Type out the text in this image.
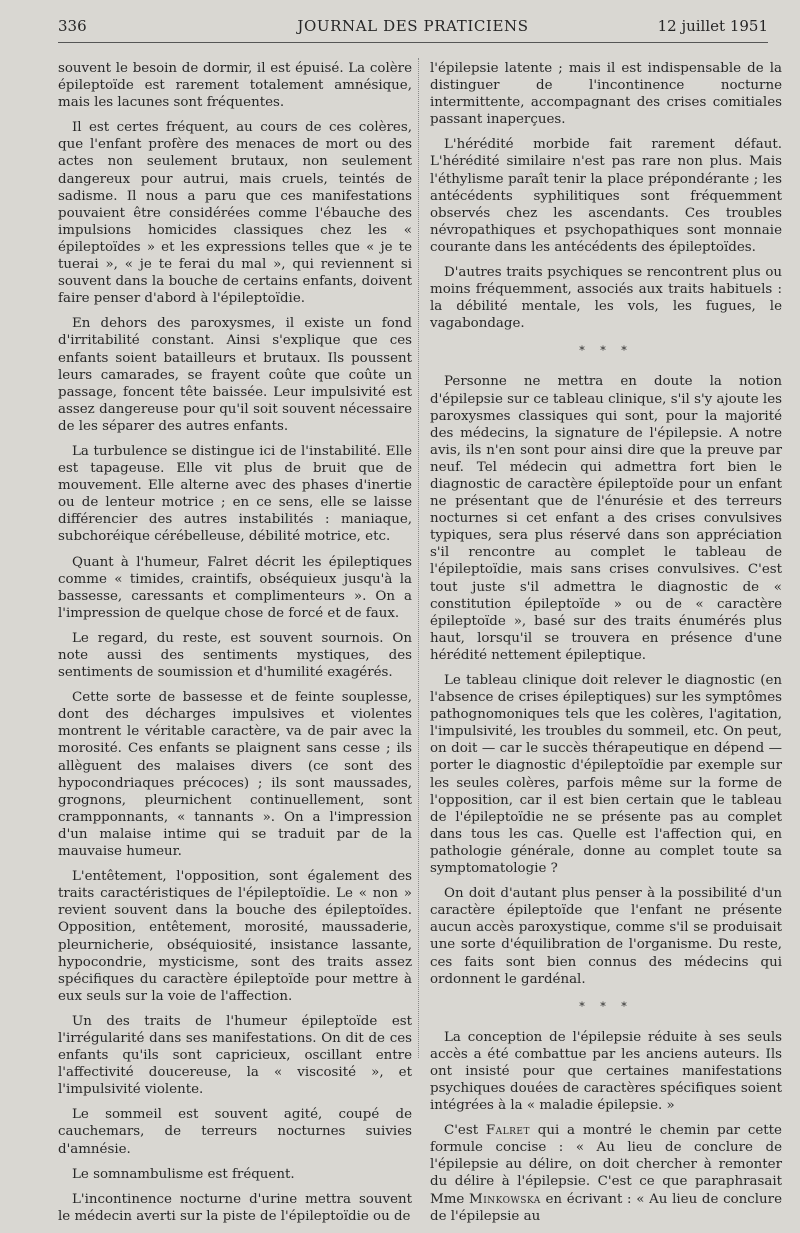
336	JOURNAL DES PRATICIENS	12 juillet 1951

souvent le besoin de dormir, il est épuisé. La colère épileptoïde est rarement totalement amnésique, mais les lacunes sont fréquentes.

Il est certes fréquent, au cours de ces colères, que l'enfant profère des menaces de mort ou des actes non seulement brutaux, non seulement dangereux pour autrui, mais cruels, teintés de sadisme. Il nous a paru que ces manifestations pouvaient être considérées comme l'ébauche des impulsions homicides classiques chez les « épileptoïdes » et les expressions telles que « je te tuerai », « je te ferai du mal », qui reviennent si souvent dans la bouche de certains enfants, doivent faire penser d'abord à l'épileptoïdie.

En dehors des paroxysmes, il existe un fond d'irritabilité constant. Ainsi s'explique que ces enfants soient batailleurs et brutaux. Ils poussent leurs camarades, se frayent coûte que coûte un passage, foncent tête baissée. Leur impulsivité est assez dangereuse pour qu'il soit souvent nécessaire de les séparer des autres enfants.

La turbulence se distingue ici de l'instabilité. Elle est tapageuse. Elle vit plus de bruit que de mouvement. Elle alterne avec des phases d'inertie ou de lenteur motrice ; en ce sens, elle se laisse différencier des autres instabilités : maniaque, subchoréique cérébelleuse, débilité motrice, etc.

Quant à l'humeur, Falret décrit les épileptiques comme « timides, craintifs, obséquieux jusqu'à la bassesse, caressants et complimenteurs ». On a l'impression de quelque chose de forcé et de faux.

Le regard, du reste, est souvent sournois. On note aussi des sentiments mystiques, des sentiments de soumission et d'humilité exagérés.

Cette sorte de bassesse et de feinte souplesse, dont des décharges impulsives et violentes montrent le véritable caractère, va de pair avec la morosité. Ces enfants se plaignent sans cesse ; ils allèguent des malaises divers (ce sont des hypocondriaques précoces) ; ils sont maussades, grognons, pleurnichent continuellement, sont crampponnants, « tannants ». On a l'impression d'un malaise intime qui se traduit par de la mauvaise humeur.

L'entêtement, l'opposition, sont également des traits caractéristiques de l'épileptoïdie. Le « non » revient souvent dans la bouche des épileptoïdes. Opposition, entêtement, morosité, maussaderie, pleurnicherie, obséquiosité, insistance lassante, hypocondrie, mysticisme, sont des traits assez spécifiques du caractère épileptoïde pour mettre à eux seuls sur la voie de l'affection.

Un des traits de l'humeur épileptoïde est l'irrégularité dans ses manifestations. On dit de ces enfants qu'ils sont capricieux, oscillant entre l'affectivité doucereuse, la « viscosité », et l'impulsivité violente.

Le sommeil est souvent agité, coupé de cauchemars, de terreurs nocturnes suivies d'amnésie.

Le somnambulisme est fréquent.

L'incontinence nocturne d'urine mettra souvent le médecin averti sur la piste de l'épileptoïdie ou de

l'épilepsie latente ; mais il est indispensable de la distinguer de l'incontinence nocturne intermittente, accompagnant des crises comitiales passant inaperçues.

L'hérédité morbide fait rarement défaut. L'hérédité similaire n'est pas rare non plus. Mais l'éthylisme paraît tenir la place prépondérante ; les antécédents syphilitiques sont fréquemment observés chez les ascendants. Ces troubles névropathiques et psychopathiques sont monnaie courante dans les antécédents des épileptoïdes.

D'autres traits psychiques se rencontrent plus ou moins fréquemment, associés aux traits habituels : la débilité mentale, les vols, les fugues, le vagabondage.

* * *

Personne ne mettra en doute la notion d'épilepsie sur ce tableau clinique, s'il s'y ajoute les paroxysmes classiques qui sont, pour la majorité des médecins, la signature de l'épilepsie. A notre avis, ils n'en sont pour ainsi dire que la preuve par neuf. Tel médecin qui admettra fort bien le diagnostic de caractère épileptoïde pour un enfant ne présentant que de l'énurésie et des terreurs nocturnes si cet enfant a des crises convulsives typiques, sera plus réservé dans son appréciation s'il rencontre au complet le tableau de l'épileptoïdie, mais sans crises convulsives. C'est tout juste s'il admettra le diagnostic de « constitution épileptoïde » ou de « caractère épileptoïde », basé sur des traits énumérés plus haut, lorsqu'il se trouvera en présence d'une hérédité nettement épileptique.

Le tableau clinique doit relever le diagnostic (en l'absence de crises épileptiques) sur les symptômes pathognomoniques tels que les colères, l'agitation, l'impulsivité, les troubles du sommeil, etc. On peut, on doit — car le succès thérapeutique en dépend — porter le diagnostic d'épileptoïdie par exemple sur les seules colères, parfois même sur la forme de l'opposition, car il est bien certain que le tableau de l'épileptoïdie ne se présente pas au complet dans tous les cas. Quelle est l'affection qui, en pathologie générale, donne au complet toute sa symptomatologie ?

On doit d'autant plus penser à la possibilité d'un caractère épileptoïde que l'enfant ne présente aucun accès paroxystique, comme s'il se produisait une sorte d'équilibration de l'organisme. Du reste, ces faits sont bien connus des médecins qui ordonnent le gardénal.

* * *

La conception de l'épilepsie réduite à ses seuls accès a été combattue par les anciens auteurs. Ils ont insisté pour que certaines manifestations psychiques douées de caractères spécifiques soient intégrées à la « maladie épilepsie. »

C'est Falret qui a montré le chemin par cette formule concise : « Au lieu de conclure de l'épilepsie au délire, on doit chercher à remonter du délire à l'épilepsie. C'est ce que paraphrasait Mme Minkowska en écrivant : « Au lieu de conclure de l'épilepsie au
